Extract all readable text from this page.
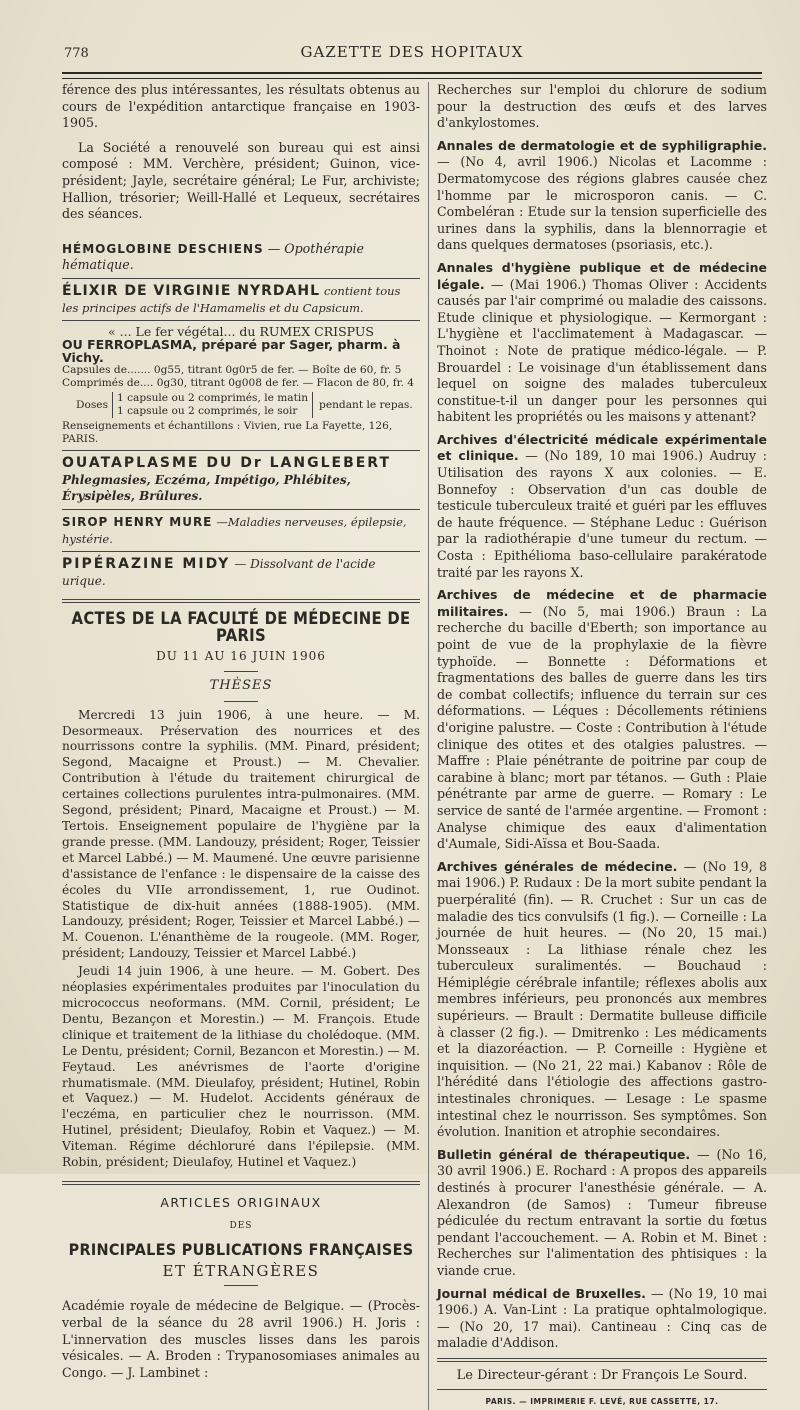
778	GAZETTE DES HOPITAUX

férence des plus intéressantes, les résultats obtenus au cours de l'expédition antarctique française en 1903-1905.

La Société a renouvelé son bureau qui est ainsi composé : MM. Verchère, président; Guinon, vice-président; Jayle, secrétaire général; Le Fur, archiviste; Hallion, trésorier; Weill-Hallé et Lequeux, secrétaires des séances.

HÉMOGLOBINE DESCHIENS — Opothérapie hématique.
ÉLIXIR DE VIRGINIE NYRDAHL contient tous les principes actifs de l'Hamamelis et du Capsicum.
« ... Le fer végétal... du RUMEX CRISPUS
OU FERROPLASMA, préparé par Sager, pharm. à Vichy.
Capsules de....... 0g55, titrant 0g0r5 de fer. — Boîte de 60, fr. 5
Comprimés de.... 0g30, titrant 0g008 de fer. — Flacon de 80, fr. 4
Doses
1 capsule ou 2 comprimés, le matin
1 capsule ou 2 comprimés, le soir
pendant le repas.
Renseignements et échantillons : Vivien, rue La Fayette, 126, PARIS.
OUATAPLASME DU Dr LANGLEBERT
Phlegmasies, Eczéma, Impétigo, Phlébites, Érysipèles, Brûlures.
SIROP HENRY MURE —Maladies nerveuses, épilepsie, hystérie.
PIPÉRAZINE MIDY — Dissolvant de l'acide urique.
ACTES DE LA FACULTÉ DE MÉDECINE DE PARIS
DU 11 AU 16 JUIN 1906
THÈSES

Mercredi 13 juin 1906, à une heure. — M. Desormeaux. Préservation des nourrices et des nourrissons contre la syphilis. (MM. Pinard, président; Segond, Macaigne et Proust.) — M. Chevalier. Contribution à l'étude du traitement chirurgical de certaines collections purulentes intra-pulmonaires. (MM. Segond, président; Pinard, Macaigne et Proust.) — M. Tertois. Enseignement populaire de l'hygiène par la grande presse. (MM. Landouzy, président; Roger, Teissier et Marcel Labbé.) — M. Maumené. Une œuvre parisienne d'assistance de l'enfance : le dispensaire de la caisse des écoles du VIIe arrondissement, 1, rue Oudinot. Statistique de dix-huit années (1888-1905). (MM. Landouzy, président; Roger, Teissier et Marcel Labbé.) — M. Couenon. L'énanthème de la rougeole. (MM. Roger, président; Landouzy, Teissier et Marcel Labbé.)

Jeudi 14 juin 1906, à une heure. — M. Gobert. Des néoplasies expérimentales produites par l'inoculation du micrococcus neoformans. (MM. Cornil, président; Le Dentu, Bezançon et Morestin.) — M. François. Etude clinique et traitement de la lithiase du cholédoque. (MM. Le Dentu, président; Cornil, Bezancon et Morestin.) — M. Feytaud. Les anévrismes de l'aorte d'origine rhumatismale. (MM. Dieulafoy, président; Hutinel, Robin et Vaquez.) — M. Hudelot. Accidents généraux de l'eczéma, en particulier chez le nourrisson. (MM. Hutinel, président; Dieulafoy, Robin et Vaquez.) — M. Viteman. Régime déchloruré dans l'épilepsie. (MM. Robin, président; Dieulafoy, Hutinel et Vaquez.)

ARTICLES ORIGINAUX
DES
PRINCIPALES PUBLICATIONS FRANÇAISES
ET ÉTRANGÈRES

Académie royale de médecine de Belgique. — (Procès-verbal de la séance du 28 avril 1906.) H. Joris : L'innervation des muscles lisses dans les parois vésicales. — A. Broden : Trypanosomiases animales au Congo. — J. Lambinet :

Recherches sur l'emploi du chlorure de sodium pour la destruction des œufs et des larves d'ankylostomes.

Annales de dermatologie et de syphiligraphie. — (No 4, avril 1906.) Nicolas et Lacomme : Dermatomycose des régions glabres causée chez l'homme par le microsporon canis. — C. Combeléran : Etude sur la tension superficielle des urines dans la syphilis, dans la blennorragie et dans quelques dermatoses (psoriasis, etc.).

Annales d'hygiène publique et de médecine légale. — (Mai 1906.) Thomas Oliver : Accidents causés par l'air comprimé ou maladie des caissons. Etude clinique et physiologique. — Kermorgant : L'hygiène et l'acclimatement à Madagascar. — Thoinot : Note de pratique médico-légale. — P. Brouardel : Le voisinage d'un établissement dans lequel on soigne des malades tuberculeux constitue-t-il un danger pour les personnes qui habitent les propriétés ou les maisons y attenant?

Archives d'électricité médicale expérimentale et clinique. — (No 189, 10 mai 1906.) Audruy : Utilisation des rayons X aux colonies. — E. Bonnefoy : Observation d'un cas double de testicule tuberculeux traité et guéri par les effluves de haute fréquence. — Stéphane Leduc : Guérison par la radiothérapie d'une tumeur du rectum. — Costa : Epithélioma baso-cellulaire parakératode traité par les rayons X.

Archives de médecine et de pharmacie militaires. — (No 5, mai 1906.) Braun : La recherche du bacille d'Eberth; son importance au point de vue de la prophylaxie de la fièvre typhoïde. — Bonnette : Déformations et fragmentations des balles de guerre dans les tirs de combat collectifs; influence du terrain sur ces déformations. — Léques : Décollements rétiniens d'origine palustre. — Coste : Contribution à l'étude clinique des otites et des otalgies palustres. — Maffre : Plaie pénétrante de poitrine par coup de carabine à blanc; mort par tétanos. — Guth : Plaie pénétrante par arme de guerre. — Romary : Le service de santé de l'armée argentine. — Fromont : Analyse chimique des eaux d'alimentation d'Aumale, Sidi-Aïssa et Bou-Saada.

Archives générales de médecine. — (No 19, 8 mai 1906.) P. Rudaux : De la mort subite pendant la puerpéralité (fin). — R. Cruchet : Sur un cas de maladie des tics convulsifs (1 fig.). — Corneille : La journée de huit heures. — (No 20, 15 mai.) Monsseaux : La lithiase rénale chez les tuberculeux suralimentés. — Bouchaud : Hémiplégie cérébrale infantile; réflexes abolis aux membres inférieurs, peu prononcés aux membres supérieurs. — Brault : Dermatite bulleuse difficile à classer (2 fig.). — Dmitrenko : Les médicaments et la diazoréaction. — P. Corneille : Hygiène et inquisition. — (No 21, 22 mai.) Kabanov : Rôle de l'hérédité dans l'étiologie des affections gastro-intestinales chroniques. — Lesage : Le spasme intestinal chez le nourrisson. Ses symptômes. Son évolution. Inanition et atrophie secondaires.

Bulletin général de thérapeutique. — (No 16, 30 avril 1906.) E. Rochard : A propos des appareils destinés à procurer l'anesthésie générale. — A. Alexandron (de Samos) : Tumeur fibreuse pédiculée du rectum entravant la sortie du fœtus pendant l'accouchement. — A. Robin et M. Binet : Recherches sur l'alimentation des phtisiques : la viande crue.

Journal médical de Bruxelles. — (No 19, 10 mai 1906.) A. Van-Lint : La pratique ophtalmologique. — (No 20, 17 mai). Cantineau : Cinq cas de maladie d'Addison.

Le Directeur-gérant : Dr François Le Sourd.
PARIS. — IMPRIMERIE F. LEVÉ, RUE CASSETTE, 17.
